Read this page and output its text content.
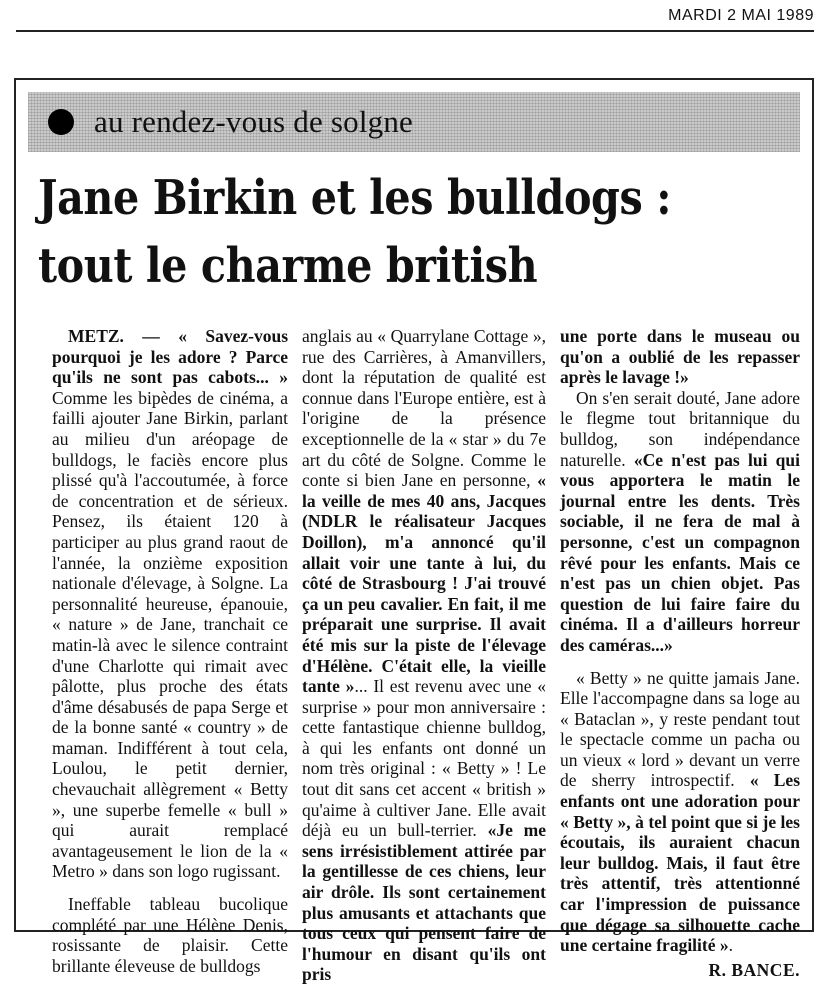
MARDI 2 MAI 1989
au rendez-vous de solgne
Jane Birkin et les bulldogs :
tout le charme british

METZ. — « Savez-vous pourquoi je les adore ? Parce qu'ils ne sont pas cabots... » Comme les bipèdes de cinéma, a failli ajouter Jane Birkin, parlant au milieu d'un aréopage de bulldogs, le faciès encore plus plissé qu'à l'accoutumée, à force de concentration et de sérieux. Pensez, ils étaient 120 à participer au plus grand raout de l'année, la onzième exposition nationale d'élevage, à Solgne. La personnalité heureuse, épanouie, « nature » de Jane, tranchait ce matin-là avec le silence contraint d'une Charlotte qui rimait avec pâlotte, plus proche des états d'âme désabusés de papa Serge et de la bonne santé « country » de maman. Indifférent à tout cela, Loulou, le petit dernier, chevauchait allègrement « Betty », une superbe femelle « bull » qui aurait remplacé avantageusement le lion de la « Metro » dans son logo rugissant.

Ineffable tableau bucolique complété par une Hélène Denis, rosissante de plaisir. Cette brillante éleveuse de bulldogs

anglais au « Quarrylane Cottage », rue des Carrières, à Amanvillers, dont la réputation de qualité est connue dans l'Europe entière, est à l'origine de la présence exceptionnelle de la « star » du 7e art du côté de Solgne. Comme le conte si bien Jane en personne, « la veille de mes 40 ans, Jacques (NDLR le réalisateur Jacques Doillon), m'a annoncé qu'il allait voir une tante à lui, du côté de Strasbourg ! J'ai trouvé ça un peu cavalier. En fait, il me préparait une surprise. Il avait été mis sur la piste de l'élevage d'Hélène. C'était elle, la vieille tante »... Il est revenu avec une « surprise » pour mon anniversaire : cette fantastique chienne bulldog, à qui les enfants ont donné un nom très original : « Betty » ! Le tout dit sans cet accent « british » qu'aime à cultiver Jane. Elle avait déjà eu un bull-terrier. «Je me sens irrésistiblement attirée par la gentillesse de ces chiens, leur air drôle. Ils sont certainement plus amusants et attachants que tous ceux qui pensent faire de l'humour en disant qu'ils ont pris

une porte dans le museau ou qu'on a oublié de les repasser après le lavage !»

On s'en serait douté, Jane adore le flegme tout britannique du bulldog, son indépendance naturelle. «Ce n'est pas lui qui vous apportera le matin le journal entre les dents. Très sociable, il ne fera de mal à personne, c'est un compagnon rêvé pour les enfants. Mais ce n'est pas un chien objet. Pas question de lui faire faire du cinéma. Il a d'ailleurs horreur des caméras...»

« Betty » ne quitte jamais Jane. Elle l'accompagne dans sa loge au « Bataclan », y reste pendant tout le spectacle comme un pacha ou un vieux « lord » devant un verre de sherry introspectif. « Les enfants ont une adoration pour « Betty », à tel point que si je les écoutais, ils auraient chacun leur bulldog. Mais, il faut être très attentif, très attentionné car l'impression de puissance que dégage sa silhouette cache une certaine fragilité ».

R. BANCE.
